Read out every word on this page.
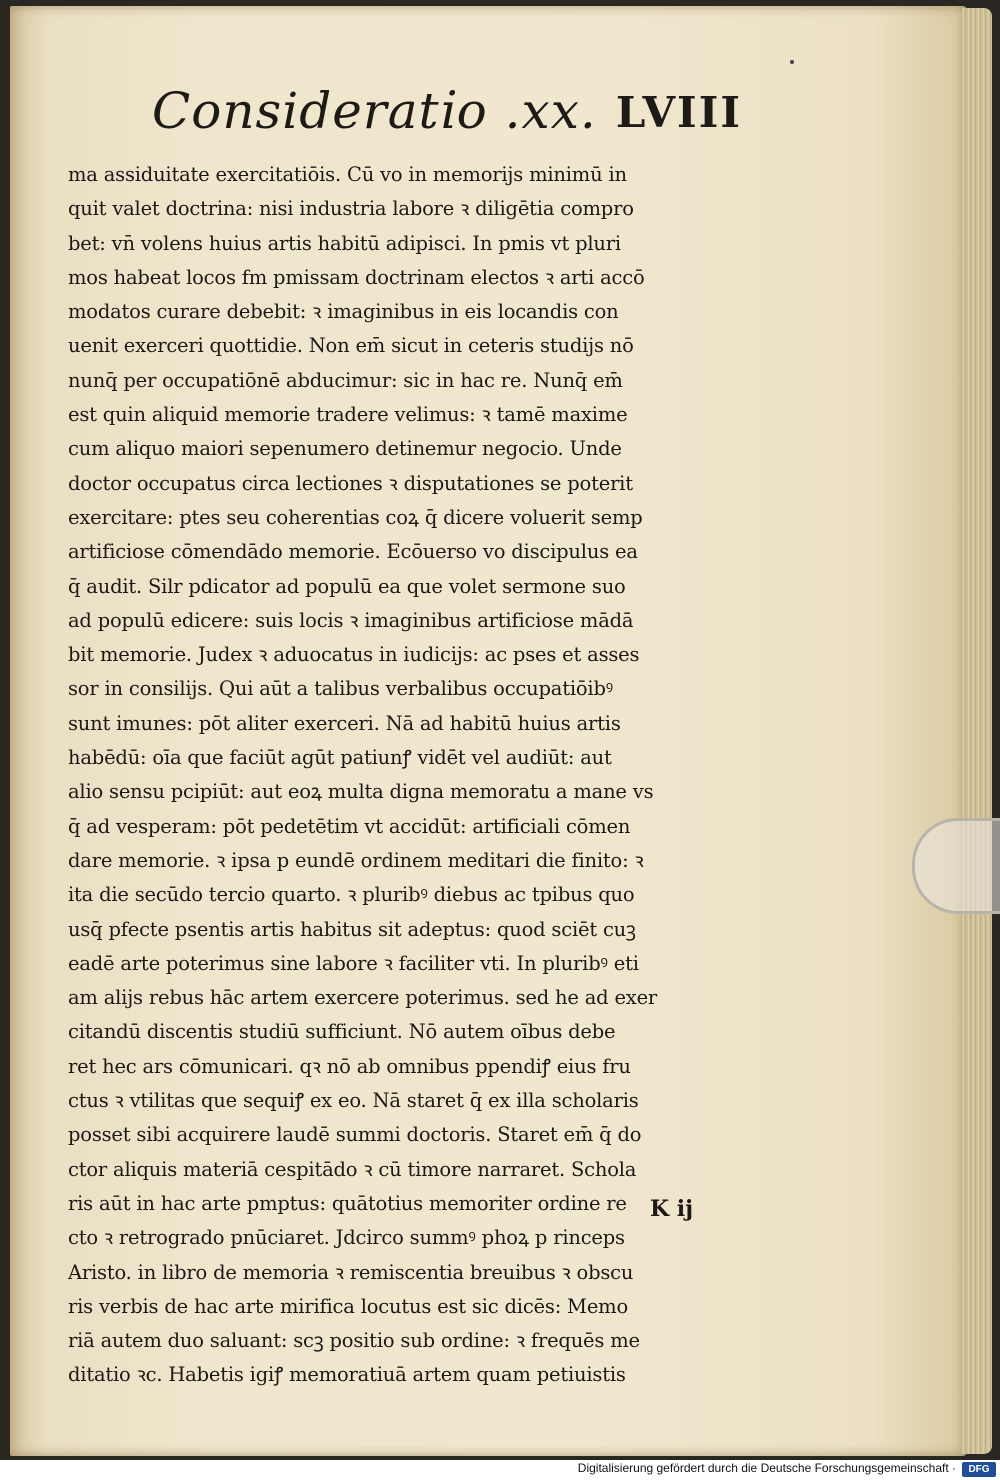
Considerati̇o .xx. LVIII
ma assiduitate exercitatiōis. Cū vo in memorijs minimū in
quit valet doctrina: nisi industria labore ꝛ diligētia compro
bet: vn̄ volens huius artis habitū adipisci. In pmis vt pluri
mos habeat locos fm pmissam doctrinam electos ꝛ arti accō
modatos curare debebit: ꝛ imaginibus in eis locandis con
uenit exerceri quottidie. Non em̄ sicut in ceteris studijs nō
nunq̄ per occupatiōnē abducimur: sic in hac re. Nunq̄ em̄
est quin aliquid memorie tradere velimus: ꝛ tamē maxime
cum aliquo maiori sepenumero detinemur negocio. Unde
doctor occupatus circa lectiones ꝛ disputationes se poterit
exercitare: ptes seu coherentias coꝝ q̄ dicere voluerit semp
artificiose cōmendādo memorie. Ecōuerso vo discipulus ea
q̄ audit. Silr pdicator ad populū ea que volet sermone suo
ad populū edicere: suis locis ꝛ imaginibus artificiose mādā
bit memorie. Judex ꝛ aduocatus in iudicijs: ac pses et asses
sor in consilijs. Qui aūt a talibus verbalibus occupatiōibꝰ
sunt imunes: pōt aliter exerceri. Nā ad habitū huius artis
habēdū: oīa que faciūt agūt patiunꝭ vidēt vel audiūt: aut
alio sensu pcipiūt: aut eoꝝ multa digna memoratu a mane vs
q̄ ad vesperam: pōt pedetētim vt accidūt: artificiali cōmen
dare memorie. ꝛ ipsa p eundē ordinem meditari die finito: ꝛ
ita die secūdo tercio quarto. ꝛ pluribꝰ diebus ac tpibus quo
usq̄ pfecte psentis artis habitus sit adeptus: quod sciēt cuꝫ
eadē arte poterimus sine labore ꝛ faciliter vti. In pluribꝰ eti
am alijs rebus hāc artem exercere poterimus. sed he ad exer
citandū discentis studiū sufficiunt. Nō autem oībus debe
ret hec ars cōmunicari. qꝛ nō ab omnibus ppendiꝭ eius fru
ctus ꝛ vtilitas que sequiꝭ ex eo. Nā staret q̄ ex illa scholaris
posset sibi acquirere laudē summi doctoris. Staret em̄ q̄ do
ctor aliquis materiā cespitādo ꝛ cū timore narraret. Schola
ris aūt in hac arte pmptus: quātotius memoriter ordine re
cto ꝛ retrogrado pnūciaret. Jdcirco summꝰ phoꝝ p rinceps
Aristo. in libro de memoria ꝛ remiscentia breuibus ꝛ obscu
ris verbis de hac arte mirifica locutus est sic dicēs: Memo
riā autem duo saluant: scꝫ positio sub ordine: ꝛ frequēs me
ditatio ꝛc. Habetis igiꝭ memoratiuā artem quam petiuistis
K ij
Digitalisierung gefördert durch die Deutsche Forschungsgemeinschaft ·	DFG
